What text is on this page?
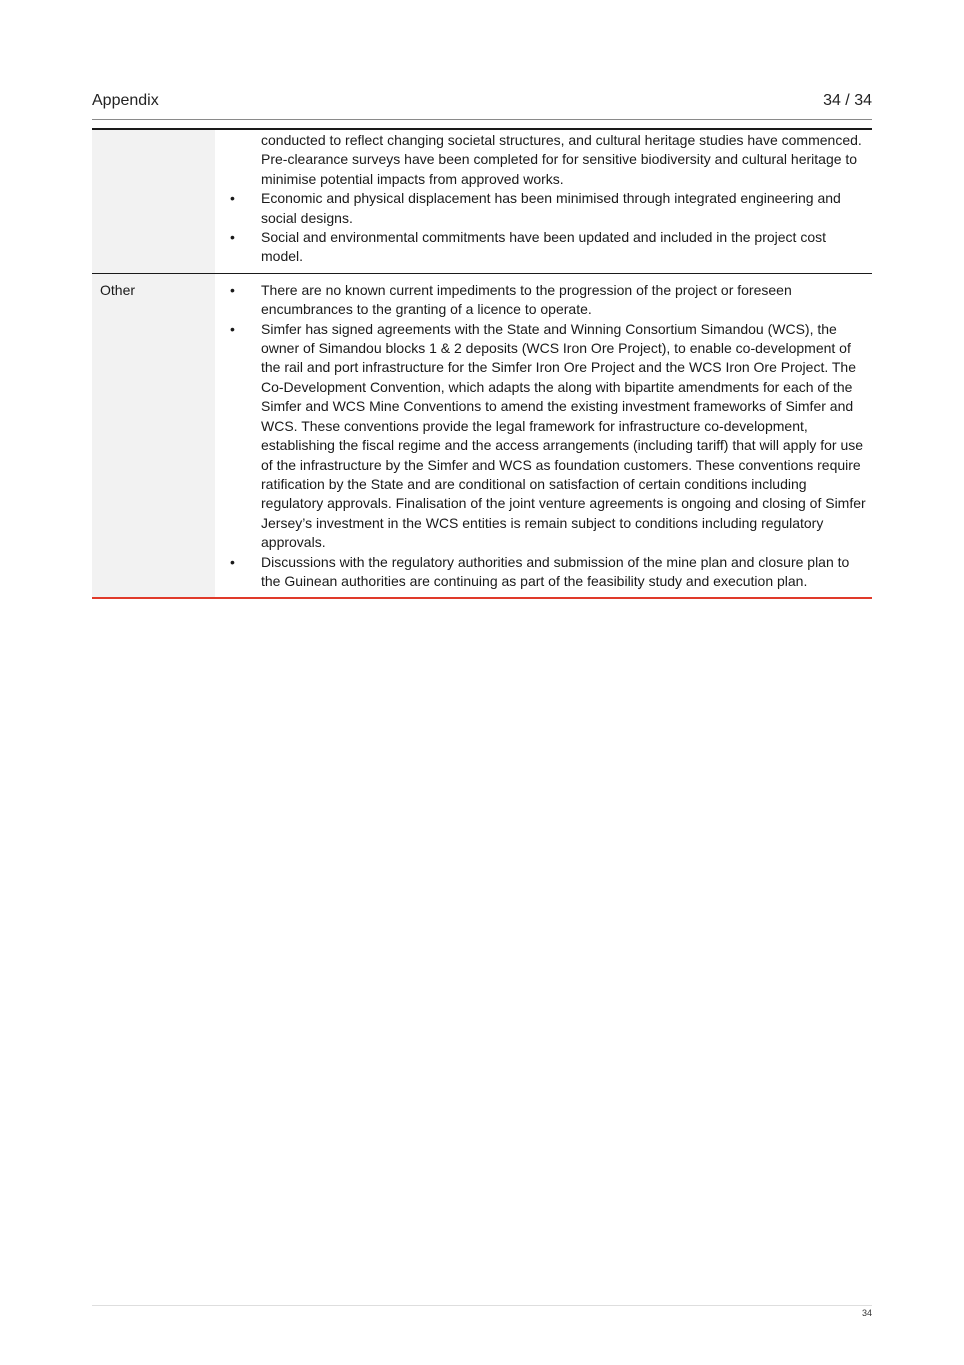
Appendix	34 / 34

conducted to reflect changing societal structures, and cultural heritage studies have commenced. Pre-clearance surveys have been completed for for sensitive biodiversity and cultural heritage to minimise potential impacts from approved works.

• Economic and physical displacement has been minimised through integrated engineering and social designs.
• Social and environmental commitments have been updated and included in the project cost model.
Other
•	There are no known current impediments to the progression of the project or foreseen encumbrances to the granting of a licence to operate.
• Simfer has signed agreements with the State and Winning Consortium Simandou (WCS), the owner of Simandou blocks 1 & 2 deposits (WCS Iron Ore Project), to enable co-development of the rail and port infrastructure for the Simfer Iron Ore Project and the WCS Iron Ore Project. The Co-Development Convention, which adapts the along with bipartite amendments for each of the Simfer and WCS Mine Conventions to amend the existing investment frameworks of Simfer and WCS. These conventions provide the legal framework for infrastructure co-development, establishing the fiscal regime and the access arrangements (including tariff) that will apply for use of the infrastructure by the Simfer and WCS as foundation customers. These conventions require ratification by the State and are conditional on satisfaction of certain conditions including regulatory approvals. Finalisation of the joint venture agreements is ongoing and closing of Simfer Jersey’s investment in the WCS entities is remain subject to conditions including regulatory approvals.
• Discussions with the regulatory authorities and submission of the mine plan and closure plan to the Guinean authorities are continuing as part of the feasibility study and execution plan.
34
